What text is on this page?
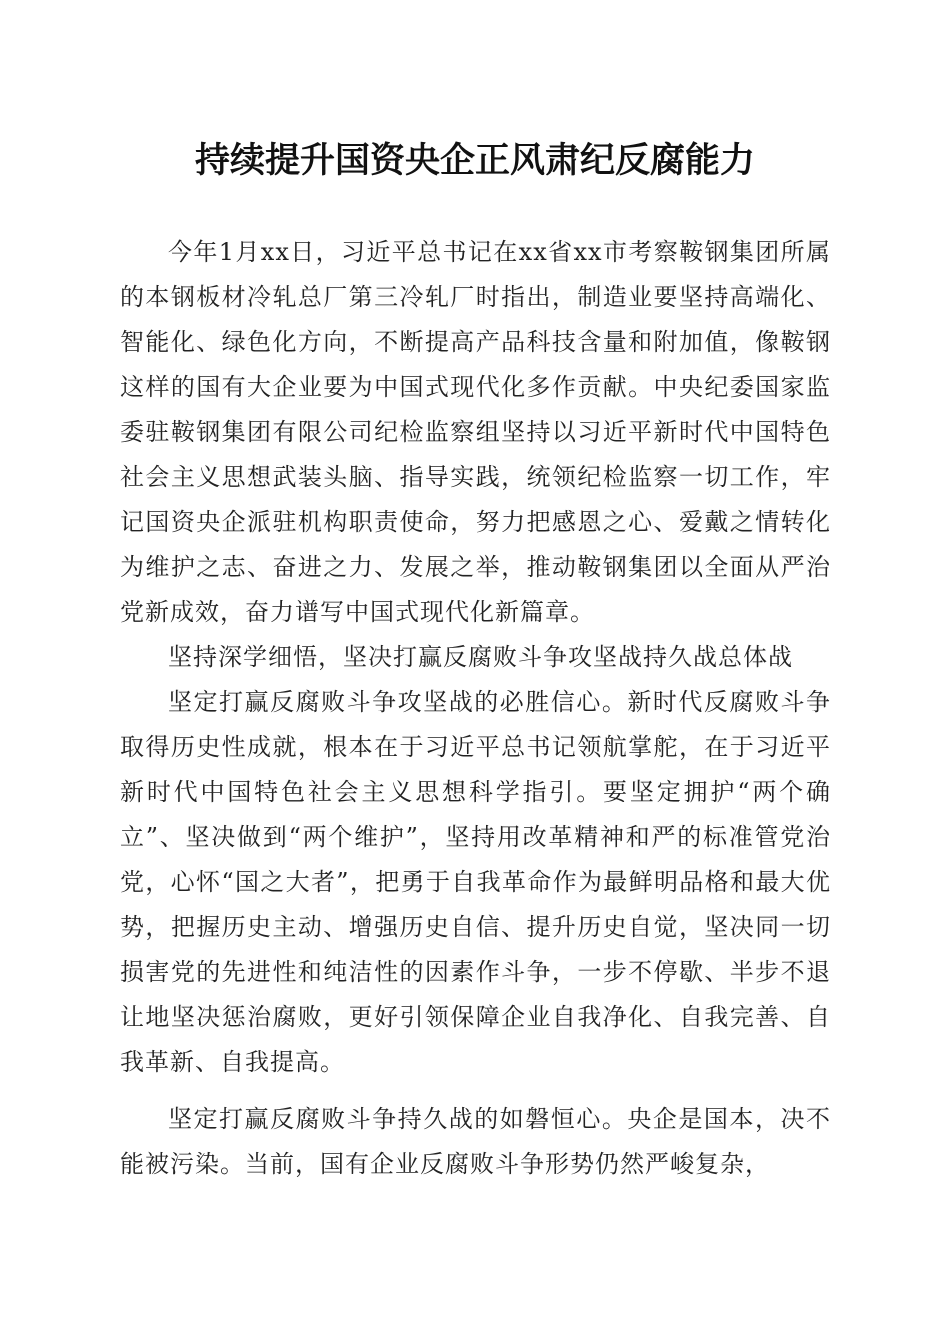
持续提升国资央企正风肃纪反腐能力

今年1月xx日，习近平总书记在xx省xx市考察鞍钢集团所属的本钢板材冷轧总厂第三冷轧厂时指出，制造业要坚持高端化、智能化、绿色化方向，不断提高产品科技含量和附加值，像鞍钢这样的国有大企业要为中国式现代化多作贡献。中央纪委国家监委驻鞍钢集团有限公司纪检监察组坚持以习近平新时代中国特色社会主义思想武装头脑、指导实践，统领纪检监察一切工作，牢记国资央企派驻机构职责使命，努力把感恩之心、爱戴之情转化为维护之志、奋进之力、发展之举，推动鞍钢集团以全面从严治党新成效，奋力谱写中国式现代化新篇章。

坚持深学细悟，坚决打赢反腐败斗争攻坚战持久战总体战

坚定打赢反腐败斗争攻坚战的必胜信心。新时代反腐败斗争取得历史性成就，根本在于习近平总书记领航掌舵，在于习近平新时代中国特色社会主义思想科学指引。要坚定拥护“两个确立”、坚决做到“两个维护”，坚持用改革精神和严的标准管党治党，心怀“国之大者”，把勇于自我革命作为最鲜明品格和最大优势，把握历史主动、增强历史自信、提升历史自觉，坚决同一切损害党的先进性和纯洁性的因素作斗争，一步不停歇、半步不退让地坚决惩治腐败，更好引领保障企业自我净化、自我完善、自我革新、自我提高。

坚定打赢反腐败斗争持久战的如磐恒心。央企是国本，决不能被污染。当前，国有企业反腐败斗争形势仍然严峻复杂，
